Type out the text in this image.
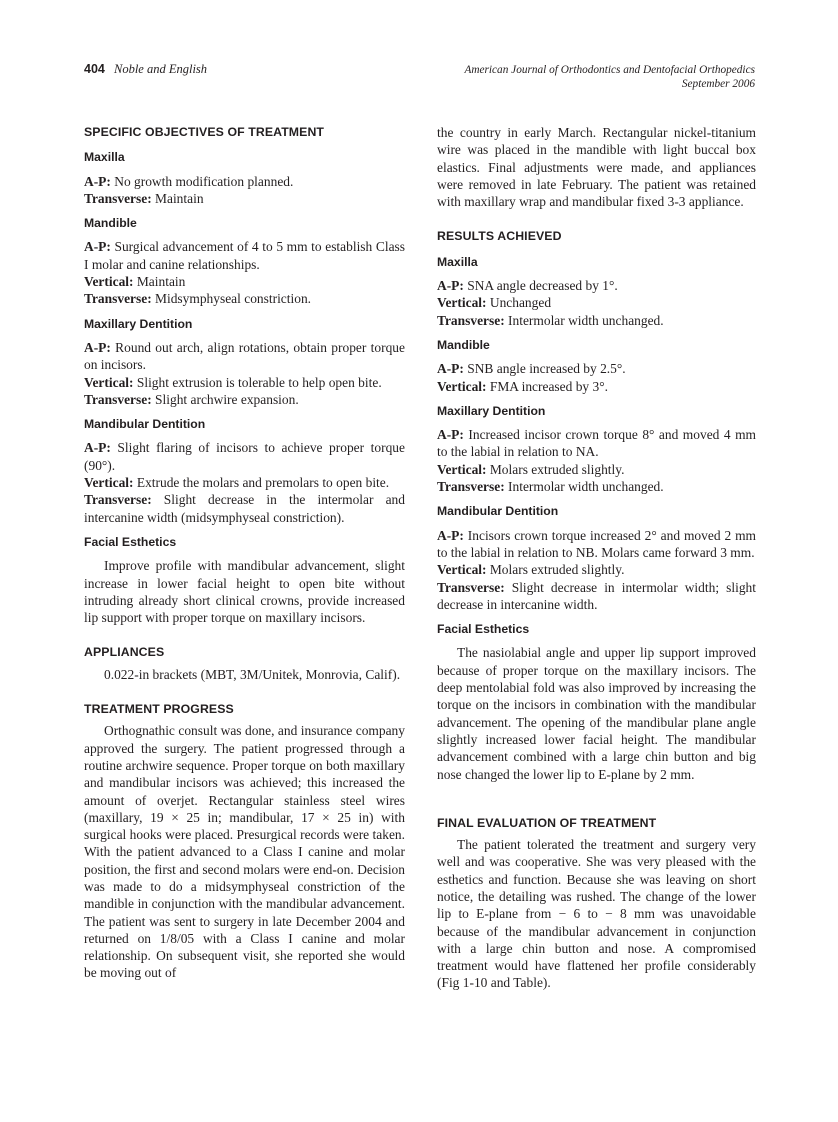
404 Noble and English	American Journal of Orthodontics and Dentofacial Orthopedics
September 2006
SPECIFIC OBJECTIVES OF TREATMENT
Maxilla

A-P: No growth modification planned.

Transverse: Maintain

Mandible

A-P: Surgical advancement of 4 to 5 mm to establish Class I molar and canine relationships.

Vertical: Maintain

Transverse: Midsymphyseal constriction.

Maxillary Dentition

A-P: Round out arch, align rotations, obtain proper torque on incisors.

Vertical: Slight extrusion is tolerable to help open bite.

Transverse: Slight archwire expansion.

Mandibular Dentition

A-P: Slight flaring of incisors to achieve proper torque (90°).

Vertical: Extrude the molars and premolars to open bite.

Transverse: Slight decrease in the intermolar and intercanine width (midsymphyseal constriction).

Facial Esthetics

Improve profile with mandibular advancement, slight increase in lower facial height to open bite without intruding already short clinical crowns, provide increased lip support with proper torque on maxillary incisors.

APPLIANCES

0.022-in brackets (MBT, 3M/Unitek, Monrovia, Calif).

TREATMENT PROGRESS

Orthognathic consult was done, and insurance company approved the surgery. The patient progressed through a routine archwire sequence. Proper torque on both maxillary and mandibular incisors was achieved; this increased the amount of overjet. Rectangular stainless steel wires (maxillary, 19 × 25 in; mandibular, 17 × 25 in) with surgical hooks were placed. Presurgical records were taken. With the patient advanced to a Class I canine and molar position, the first and second molars were end-on. Decision was made to do a midsymphyseal constriction of the mandible in conjunction with the mandibular advancement. The patient was sent to surgery in late December 2004 and returned on 1/8/05 with a Class I canine and molar relationship. On subsequent visit, she reported she would be moving out of

the country in early March. Rectangular nickel-titanium wire was placed in the mandible with light buccal box elastics. Final adjustments were made, and appliances were removed in late February. The patient was retained with maxillary wrap and mandibular fixed 3-3 appliance.

RESULTS ACHIEVED
Maxilla

A-P: SNA angle decreased by 1°.

Vertical: Unchanged

Transverse: Intermolar width unchanged.

Mandible

A-P: SNB angle increased by 2.5°.

Vertical: FMA increased by 3°.

Maxillary Dentition

A-P: Increased incisor crown torque 8° and moved 4 mm to the labial in relation to NA.

Vertical: Molars extruded slightly.

Transverse: Intermolar width unchanged.

Mandibular Dentition

A-P: Incisors crown torque increased 2° and moved 2 mm to the labial in relation to NB. Molars came forward 3 mm.

Vertical: Molars extruded slightly.

Transverse: Slight decrease in intermolar width; slight decrease in intercanine width.

Facial Esthetics

The nasiolabial angle and upper lip support improved because of proper torque on the maxillary incisors. The deep mentolabial fold was also improved by increasing the torque on the incisors in combination with the mandibular advancement. The opening of the mandibular plane angle slightly increased lower facial height. The mandibular advancement combined with a large chin button and big nose changed the lower lip to E-plane by 2 mm.

FINAL EVALUATION OF TREATMENT

The patient tolerated the treatment and surgery very well and was cooperative. She was very pleased with the esthetics and function. Because she was leaving on short notice, the detailing was rushed. The change of the lower lip to E-plane from − 6 to − 8 mm was unavoidable because of the mandibular advancement in conjunction with a large chin button and nose. A compromised treatment would have flattened her profile considerably (Fig 1-10 and Table).
